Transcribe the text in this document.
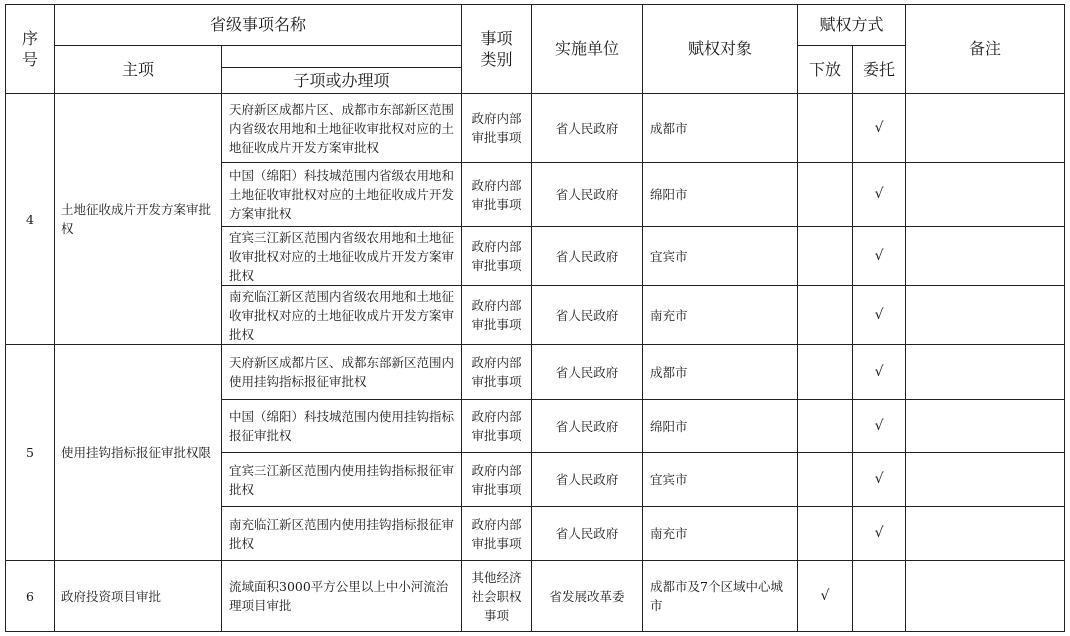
序号	省级事项名称		事项类别	实施单位	赋权对象	赋权方式		备注
	主项					下放	委托	
		子项或办理项						
4	土地征收成片开发方案审批权	天府新区成都片区、成都市东部新区范围内省级农用地和土地征收审批权对应的土地征收成片开发方案审批权	政府内部审批事项	省人民政府	成都市		√	
		中国（绵阳）科技城范围内省级农用地和土地征收审批权对应的土地征收成片开发方案审批权	政府内部审批事项	省人民政府	绵阳市		√	
		宜宾三江新区范围内省级农用地和土地征收审批权对应的土地征收成片开发方案审批权	政府内部审批事项	省人民政府	宜宾市		√	
		南充临江新区范围内省级农用地和土地征收审批权对应的土地征收成片开发方案审批权	政府内部审批事项	省人民政府	南充市		√	
5	使用挂钩指标报征审批权限	天府新区成都片区、成都东部新区范围内使用挂钩指标报征审批权	政府内部审批事项	省人民政府	成都市		√	
		中国（绵阳）科技城范围内使用挂钩指标报征审批权	政府内部审批事项	省人民政府	绵阳市		√	
		宜宾三江新区范围内使用挂钩指标报征审批权	政府内部审批事项	省人民政府	宜宾市		√	
		南充临江新区范围内使用挂钩指标报征审批权	政府内部审批事项	省人民政府	南充市		√	
6	政府投资项目审批	流域面积3000平方公里以上中小河流治理项目审批	其他经济社会职权事项	省发展改革委	成都市及7个区域中心城市	√		
